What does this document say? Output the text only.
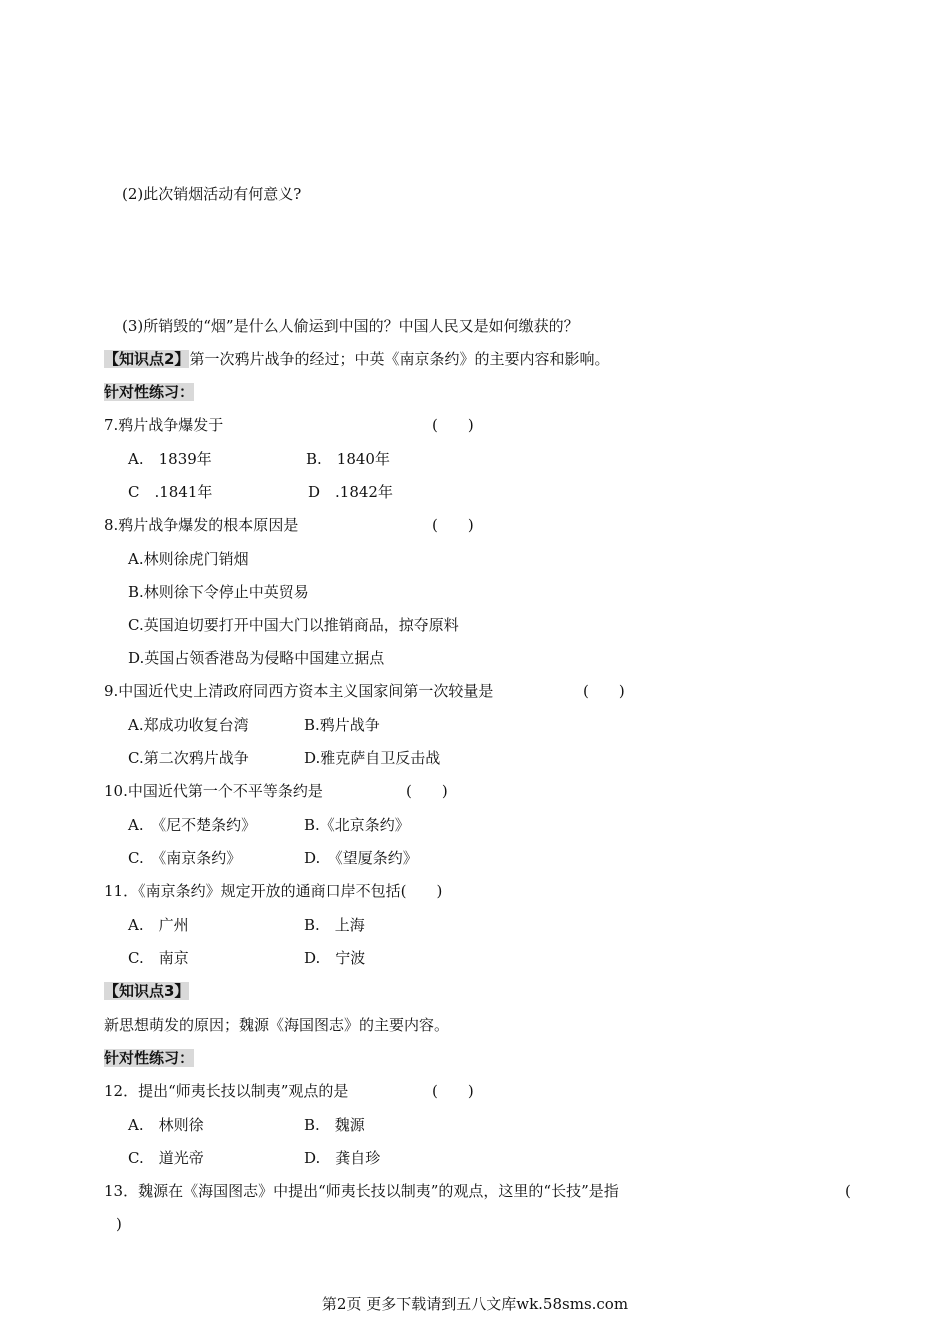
(2)此次销烟活动有何意义?
(3)所销毁的“烟”是什么人偷运到中国的？中国人民又是如何缴获的？
【知识点2】第一次鸦片战争的经过；中英《南京条约》的主要内容和影响。
针对性练习：
7.鸦片战争爆发于	(　　)
A.　1839年	B.　1840年
C　.1841年	D　.1842年
8.鸦片战争爆发的根本原因是	(　　)
A.林则徐虎门销烟
B.林则徐下令停止中英贸易
C.英国迫切要打开中国大门以推销商品，掠夺原料
D.英国占领香港岛为侵略中国建立据点
9.中国近代史上清政府同西方资本主义国家间第一次较量是	(　　)
A.郑成功收复台湾	B.鸦片战争
C.第二次鸦片战争	D.雅克萨自卫反击战
10.中国近代第一个不平等条约是	(　　)
A.　《尼不楚条约》	B.《北京条约》
C.　《南京条约》	D.　《望厦条约》
11．《南京条约》规定开放的通商口岸不包括(　　)
A.　广州	B.　上海
C.　南京	D.　宁波
【知识点3】
新思想萌发的原因；魏源《海国图志》的主要内容。
针对性练习：
12．提出“师夷长技以制夷”观点的是	(　　)
A.　林则徐	B.　魏源
C.　道光帝	D.　龚自珍
13．魏源在《海国图志》中提出“师夷长技以制夷”的观点，这里的“长技”是指	(
)
第2页 更多下载请到五八文库wk.58sms.com
